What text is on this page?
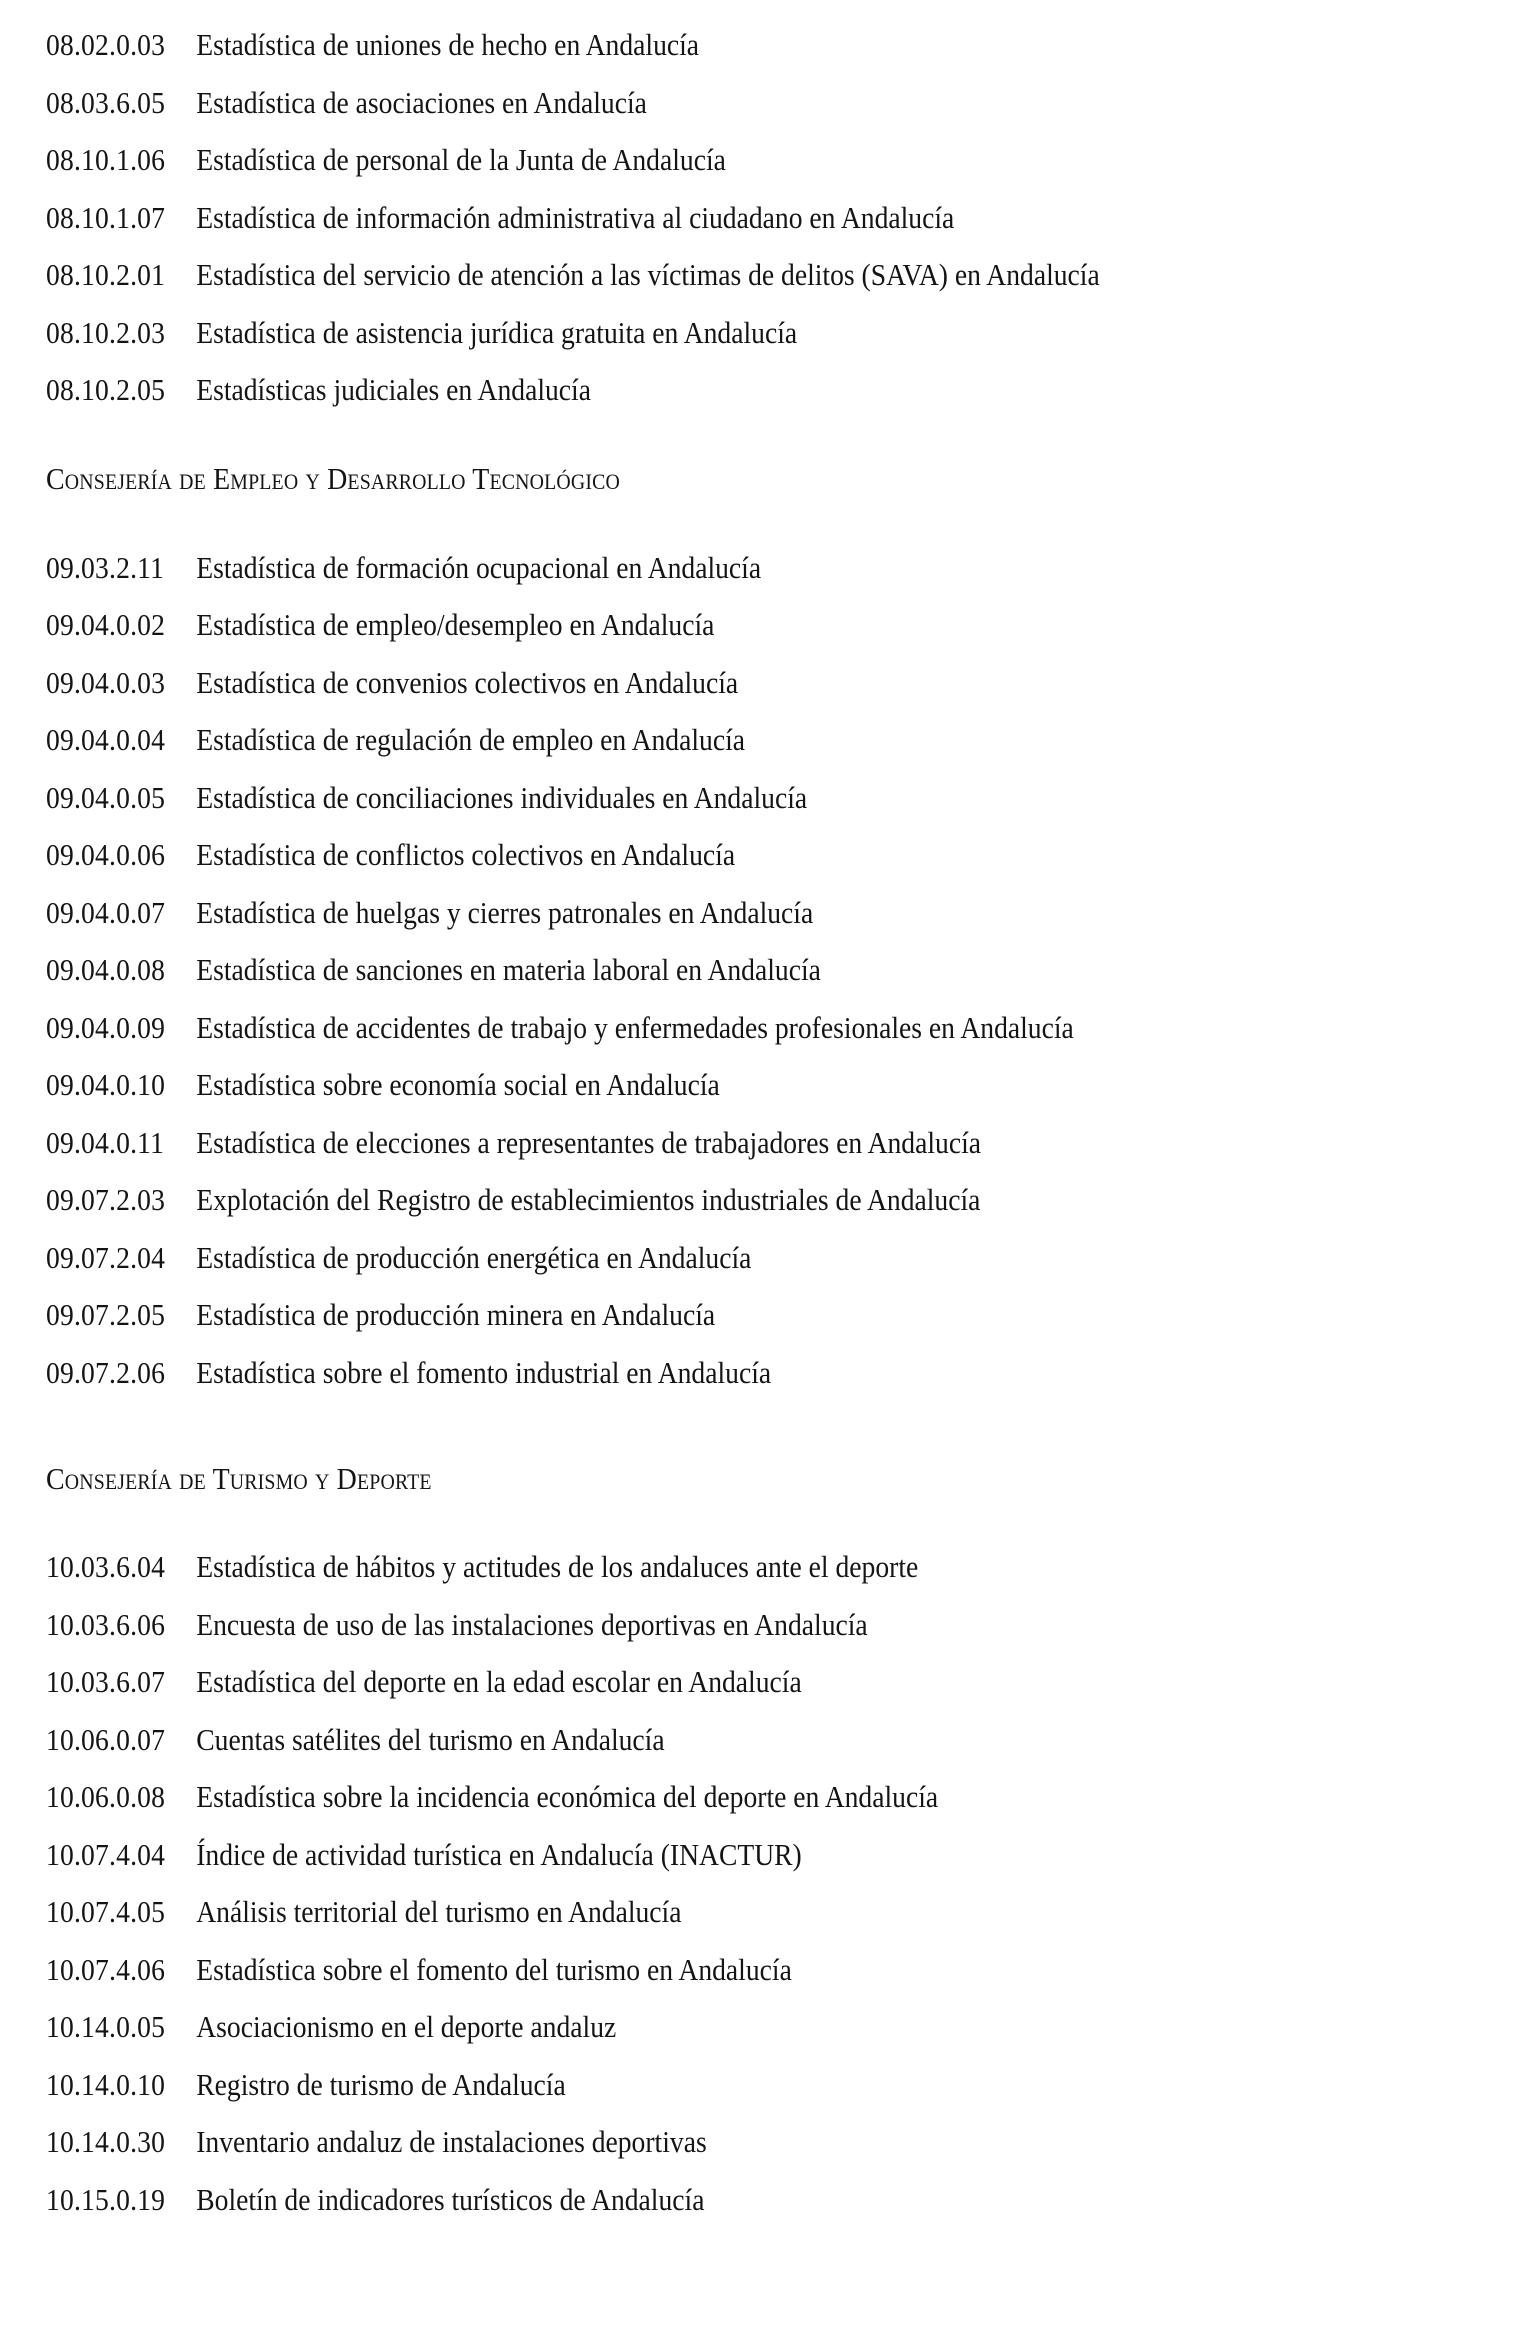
08.02.0.03 Estadística de uniones de hecho en Andalucía
08.03.6.05 Estadística de asociaciones en Andalucía
08.10.1.06 Estadística de personal de la Junta de Andalucía
08.10.1.07 Estadística de información administrativa al ciudadano en Andalucía
08.10.2.01 Estadística del servicio de atención a las víctimas de delitos (SAVA) en Andalucía
08.10.2.03 Estadística de asistencia jurídica gratuita en Andalucía
08.10.2.05 Estadísticas judiciales en Andalucía
Consejería de Empleo y Desarrollo Tecnológico
09.03.2.11 Estadística de formación ocupacional en Andalucía
09.04.0.02 Estadística de empleo/desempleo en Andalucía
09.04.0.03 Estadística de convenios colectivos en Andalucía
09.04.0.04 Estadística de regulación de empleo en Andalucía
09.04.0.05 Estadística de conciliaciones individuales en Andalucía
09.04.0.06 Estadística de conflictos colectivos en Andalucía
09.04.0.07 Estadística de huelgas y cierres patronales en Andalucía
09.04.0.08 Estadística de sanciones en materia laboral en Andalucía
09.04.0.09 Estadística de accidentes de trabajo y enfermedades profesionales en Andalucía
09.04.0.10 Estadística sobre economía social en Andalucía
09.04.0.11 Estadística de elecciones a representantes de trabajadores en Andalucía
09.07.2.03 Explotación del Registro de establecimientos industriales de Andalucía
09.07.2.04 Estadística de producción energética en Andalucía
09.07.2.05 Estadística de producción minera en Andalucía
09.07.2.06 Estadística sobre el fomento industrial en Andalucía
Consejería de Turismo y Deporte
10.03.6.04 Estadística de hábitos y actitudes de los andaluces ante el deporte
10.03.6.06 Encuesta de uso de las instalaciones deportivas en Andalucía
10.03.6.07 Estadística del deporte en la edad escolar en Andalucía
10.06.0.07 Cuentas satélites del turismo en Andalucía
10.06.0.08 Estadística sobre la incidencia económica del deporte en Andalucía
10.07.4.04 Índice de actividad turística en Andalucía (INACTUR)
10.07.4.05 Análisis territorial del turismo en Andalucía
10.07.4.06 Estadística sobre el fomento del turismo en Andalucía
10.14.0.05 Asociacionismo en el deporte andaluz
10.14.0.10 Registro de turismo de Andalucía
10.14.0.30 Inventario andaluz de instalaciones deportivas
10.15.0.19 Boletín de indicadores turísticos de Andalucía
